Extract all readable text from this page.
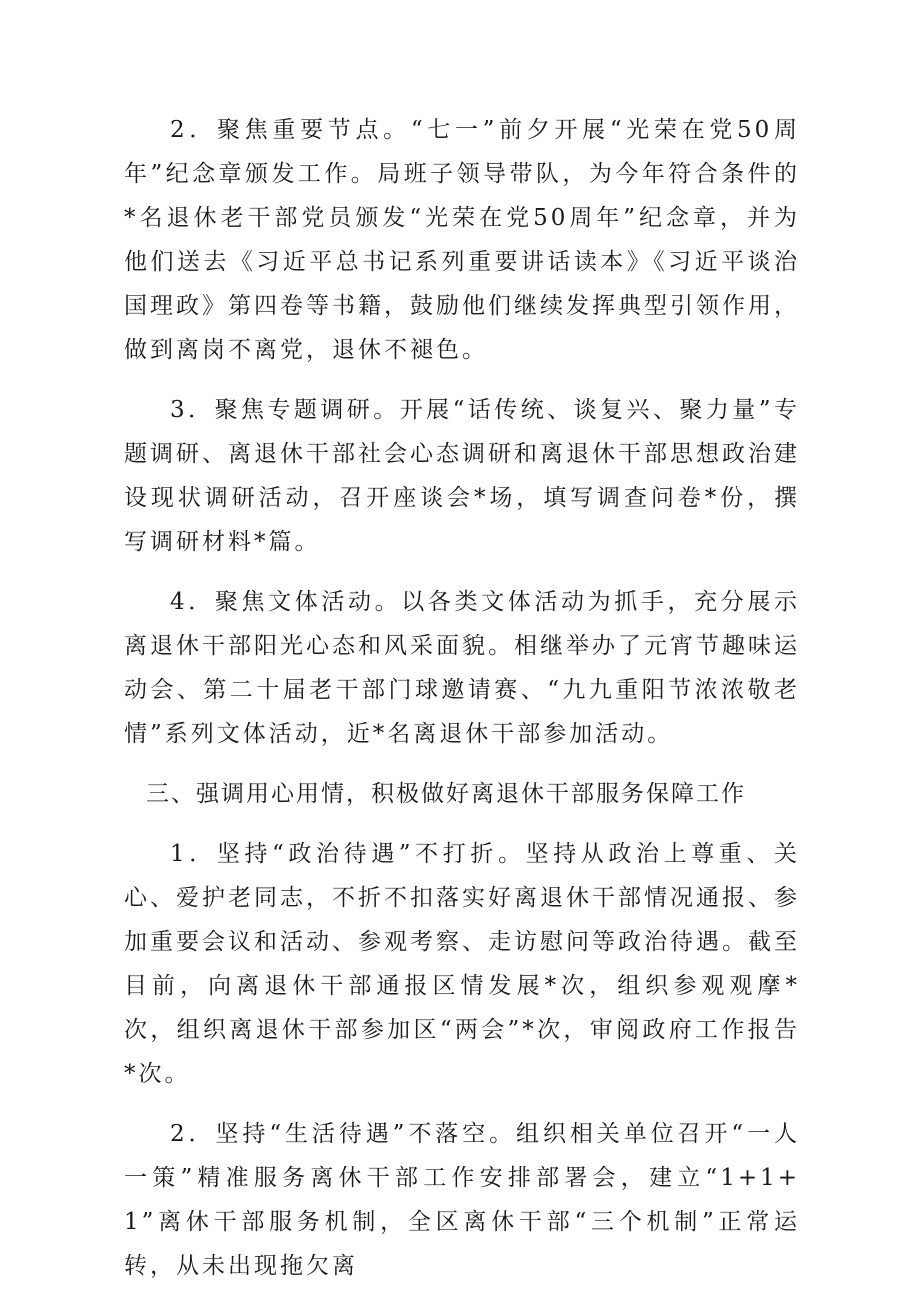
2．聚焦重要节点。“七一”前夕开展“光荣在党50周年”纪念章颁发工作。局班子领导带队，为今年符合条件的*名退休老干部党员颁发“光荣在党50周年”纪念章，并为他们送去《习近平总书记系列重要讲话读本》《习近平谈治国理政》第四卷等书籍，鼓励他们继续发挥典型引领作用，做到离岗不离党，退休不褪色。

3．聚焦专题调研。开展“话传统、谈复兴、聚力量”专题调研、离退休干部社会心态调研和离退休干部思想政治建设现状调研活动，召开座谈会*场，填写调查问卷*份，撰写调研材料*篇。

4．聚焦文体活动。以各类文体活动为抓手，充分展示离退休干部阳光心态和风采面貌。相继举办了元宵节趣味运动会、第二十届老干部门球邀请赛、“九九重阳节浓浓敬老情”系列文体活动，近*名离退休干部参加活动。

三、强调用心用情，积极做好离退休干部服务保障工作

1．坚持“政治待遇”不打折。坚持从政治上尊重、关心、爱护老同志，不折不扣落实好离退休干部情况通报、参加重要会议和活动、参观考察、走访慰问等政治待遇。截至目前，向离退休干部通报区情发展*次，组织参观观摩*次，组织离退休干部参加区“两会”*次，审阅政府工作报告*次。

2．坚持“生活待遇”不落空。组织相关单位召开“一人一策”精准服务离休干部工作安排部署会，建立“1+1+1”离休干部服务机制，全区离休干部“三个机制”正常运转，从未出现拖欠离
